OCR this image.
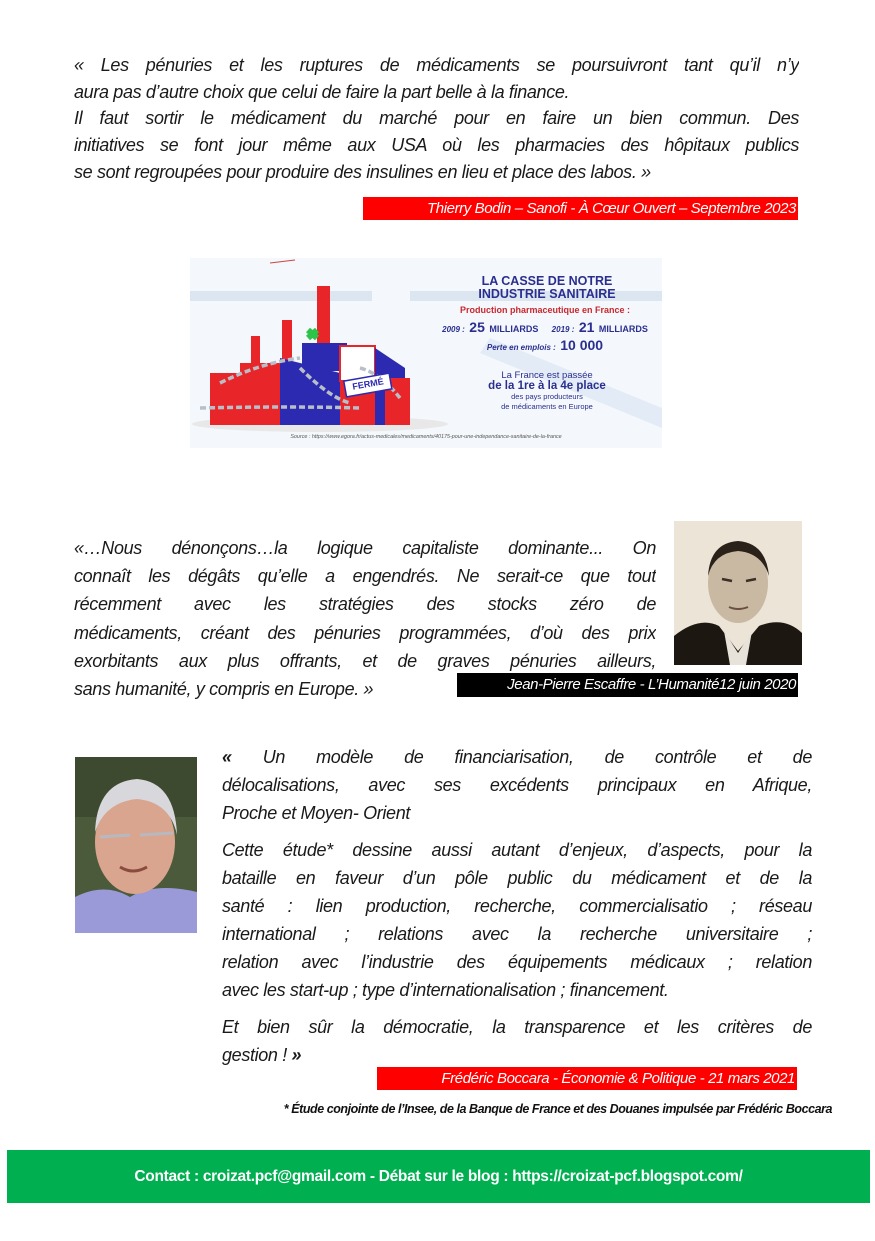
« Les pénuries et les ruptures de médicaments se poursuivront tant qu’il n’y
aura pas d’autre choix que celui de faire la part belle à la finance.
Il faut sortir le médicament du marché pour en faire un bien commun. Des
initiatives se font jour même aux USA où les pharmacies des hôpitaux publics
se sont regroupées pour produire des insulines en lieu et place des labos. »
Thierry Bodin – Sanofi - À Cœur Ouvert – Septembre 2023
FERMÉ
LA CASSE DE NOTRE
INDUSTRIE SANITAIRE
Production pharmaceutique en France :
2009 : 25 MILLIARDS 2019 : 21 MILLIARDS
Perte en emplois : 10 000
La France est passée
de la 1re à la 4e place
des pays producteurs
de médicaments en Europe
Source : https://www.egora.fr/actus-medicales/medicaments/40175-pour-une-independance-sanitaire-de-la-france
«…Nous dénonçons…la logique capitaliste dominante... On
connaît les dégâts qu’elle a engendrés. Ne serait-ce que tout
récemment avec les stratégies des stocks zéro de
médicaments, créant des pénuries programmées, d’où des prix
exorbitants aux plus offrants, et de graves pénuries ailleurs,
sans humanité, y compris en Europe. »	Jean-Pierre Escaffre - L’Humanité12 juin 2020
« Un modèle de financiarisation, de contrôle et de
délocalisations, avec ses excédents principaux en Afrique,
Proche et Moyen- Orient
Cette étude* dessine aussi autant d’enjeux, d’aspects, pour la
bataille en faveur d’un pôle public du médicament et de la
santé : lien production, recherche, commercialisatio ; réseau
international ; relations avec la recherche universitaire ;
relation avec l’industrie des équipements médicaux ; relation
avec les start-up ; type d’internationalisation ; financement.
Et bien sûr la démocratie, la transparence et les critères de
gestion ! »
Frédéric Boccara - Économie & Politique - 21 mars 2021
* Étude conjointe de l’Insee, de la Banque de France et des Douanes impulsée par Frédéric Boccara
Contact : croizat.pcf@gmail.com - Débat sur le blog : https://croizat-pcf.blogspot.com/
